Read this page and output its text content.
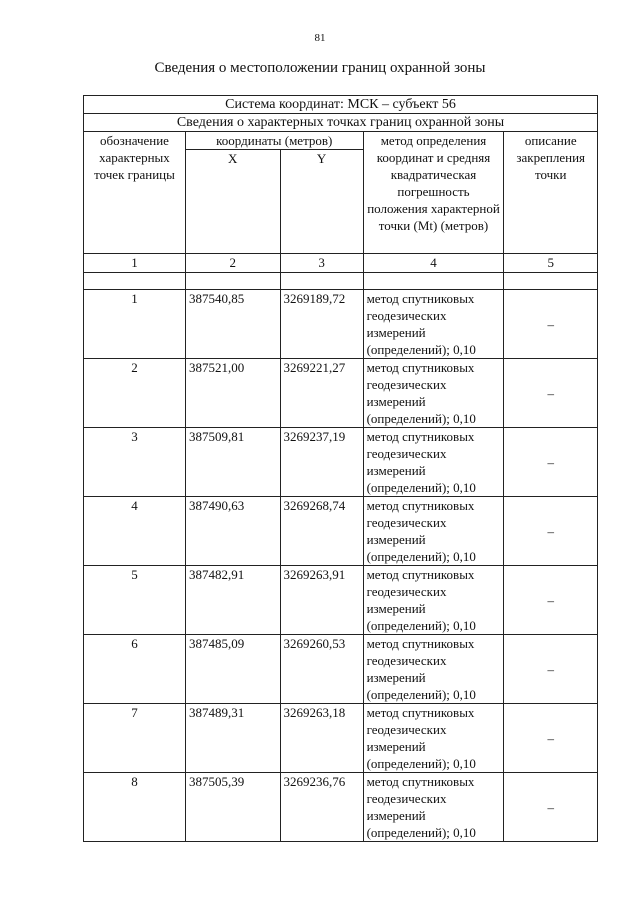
81
Сведения о местоположении границ охранной зоны
Система координат: МСК – субъект 56				
Сведения о характерных точках границ охранной зоны				
обозначение характерных точек границы	координаты (метров)		метод определения координат и средняя квадратическая погрешность положения характерной точки (Mt) (метров)	описание закрепления точки
	X	Y		
1	2	3	4	5

1	387540,85	3269189,72	метод спутниковых геодезических измерений (определений); 0,10	–
2	387521,00	3269221,27	метод спутниковых геодезических измерений (определений); 0,10	–
3	387509,81	3269237,19	метод спутниковых геодезических измерений (определений); 0,10	–
4	387490,63	3269268,74	метод спутниковых геодезических измерений (определений); 0,10	–
5	387482,91	3269263,91	метод спутниковых геодезических измерений (определений); 0,10	–
6	387485,09	3269260,53	метод спутниковых геодезических измерений (определений); 0,10	–
7	387489,31	3269263,18	метод спутниковых геодезических измерений (определений); 0,10	–
8	387505,39	3269236,76	метод спутниковых геодезических измерений (определений); 0,10	–
